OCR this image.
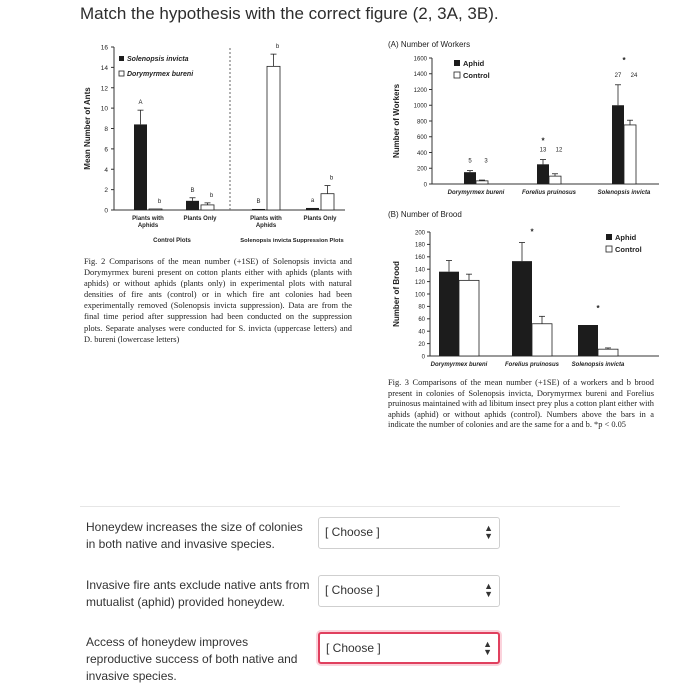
Match the hypothesis with the correct figure (2, 3A, 3B).
0
2
4
6
8
10
12
14
16
Mean Number of Ants
Solenopsis invicta
Dorymyrmex bureni
A
b
Plants with
Aphids
B
b
Plants Only
B
b
Plants with
Aphids
a
b
Plants Only
Control Plots	Solenopsis invicta Suppression Plots
Fig. 2 Comparisons of the mean number (+1SE) of Solenopsis invicta and Dorymyrmex bureni present on cotton plants either with aphids (plants with aphids) or without aphids (plants only) in experimental plots with natural densities of fire ants (control) or in which fire ant colonies had been experimentally removed (Solenopsis invicta suppression). Data are from the final time period after suppression had been conducted on the suppression plots. Separate analyses were conducted for S. invicta (uppercase letters) and D. bureni (lowercase letters)
(A) Number of Workers
0
200
400
600
800
1000
1200
1400
1600
Number of Workers
Aphid
Control
Dorymyrmex bureni
5 3
Forelius pruinosus
13 12
Solenopsis invicta
27 24
*
*
(B) Number of Brood
0
20
40
60
80
100
120
140
160
180
200
Number of Brood
Aphid
Control
Dorymyrmex bureni	Forelius pruinosus Solenopsis invicta
*
*
Fig. 3 Comparisons of the mean number (+1SE) of a workers and b brood present in colonies of Solenopsis invicta, Dorymyrmex bureni and Forelius pruinosus maintained with ad libitum insect prey plus a cotton plant either with aphids (aphid) or without aphids (control). Numbers above the bars in a indicate the number of colonies and are the same for a and b. *p < 0.05
Honeydew increases the size of colonies in both native and invasive species.
[ Choose ]	▲
▼
Invasive fire ants exclude native ants from mutualist (aphid) provided honeydew.
[ Choose ]	▲
▼
Access of honeydew improves reproductive success of both native and invasive species.
[ Choose ]	▲
▼
